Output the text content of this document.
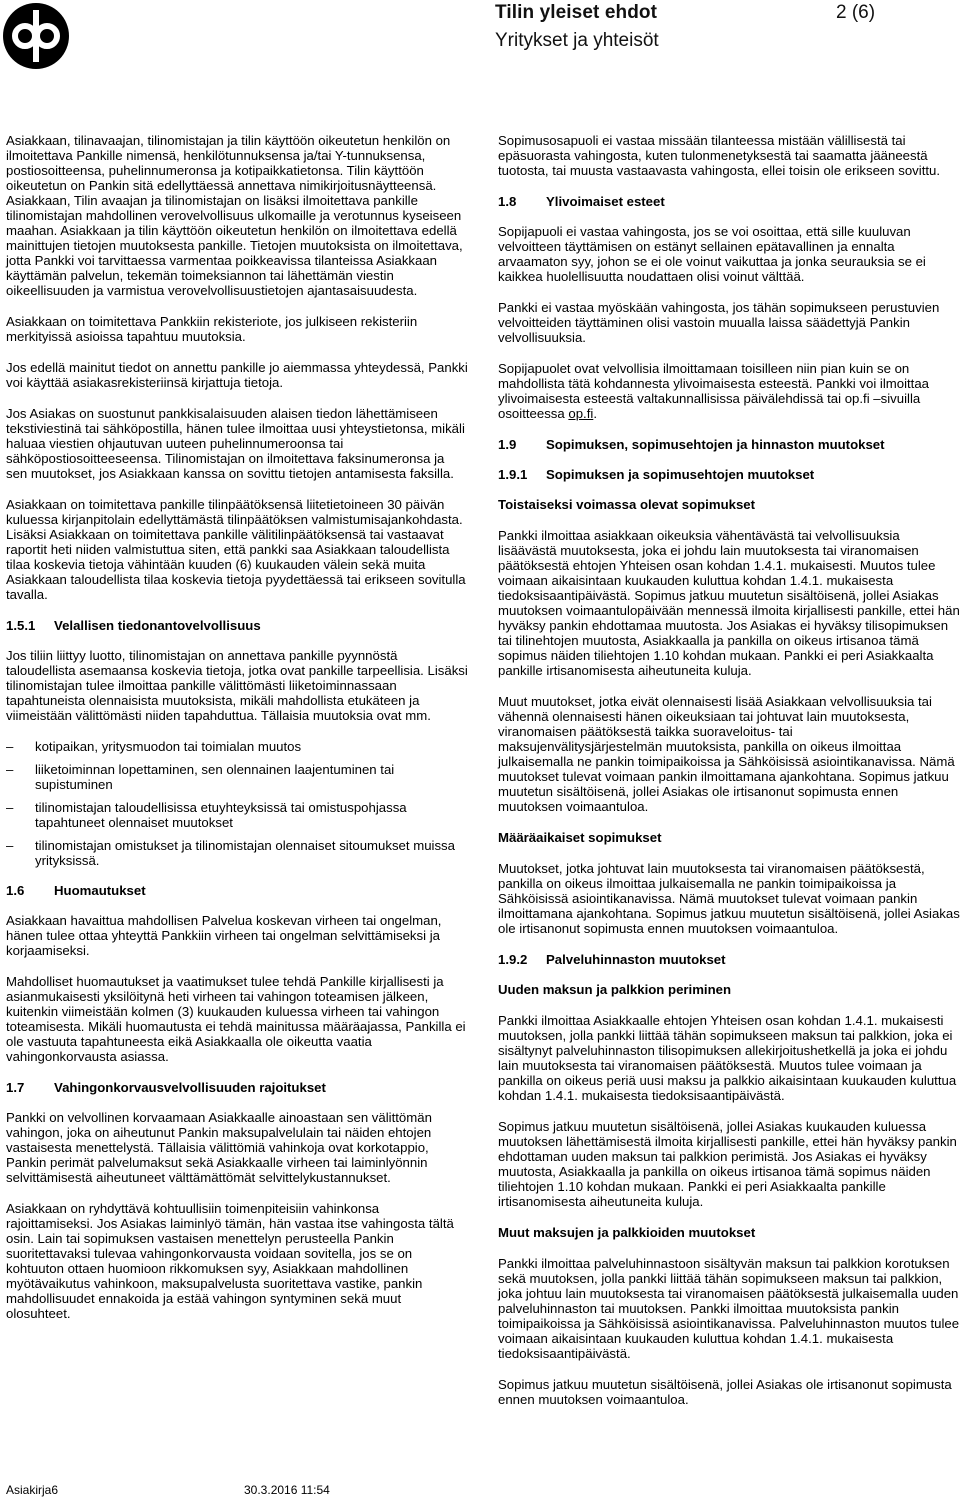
Tilin yleiset ehdot	2 (6)
Yritykset ja yhteisöt

Asiakkaan, tilinavaajan, tilinomistajan ja tilin käyttöön oikeutetun henkilön on ilmoitettava Pankille nimensä, henkilötunnuksensa ja/tai Y-tunnuksensa, postiosoitteensa, puhelinnumeronsa ja kotipaikkatietonsa. Tilin käyttöön oikeutetun on Pankin sitä edellyttäessä annettava nimikirjoitusnäytteensä. Asiakkaan, Tilin avaajan ja tilinomistajan on lisäksi ilmoitettava pankille tilinomistajan mahdollinen verovelvollisuus ulkomaille ja verotunnus kyseiseen maahan. Asiakkaan ja tilin käyttöön oikeutetun henkilön on ilmoitettava edellä mainittujen tietojen muutoksesta pankille. Tietojen muutoksista on ilmoitettava, jotta Pankki voi tarvittaessa varmentaa poikkeavissa tilanteissa Asiakkaan käyttämän palvelun, tekemän toimeksiannon tai lähettämän viestin oikeellisuuden ja varmistua verovelvollisuustietojen ajantasaisuudesta.

Asiakkaan on toimitettava Pankkiin rekisteriote, jos julkiseen rekisteriin merkityissä asioissa tapahtuu muutoksia.

Jos edellä mainitut tiedot on annettu pankille jo aiemmassa yhteydessä, Pankki voi käyttää asiakasrekisteriinsä kirjattuja tietoja.

Jos Asiakas on suostunut pankkisalaisuuden alaisen tiedon lähettämiseen tekstiviestinä tai sähköpostilla, hänen tulee ilmoittaa uusi yhteystietonsa, mikäli haluaa viestien ohjautuvan uuteen puhelinnumeroonsa tai sähköpostiosoitteeseensa. Tilinomistajan on ilmoitettava faksinumeronsa ja sen muutokset, jos Asiakkaan kanssa on sovittu tietojen antamisesta faksilla.

Asiakkaan on toimitettava pankille tilinpäätöksensä liitetietoineen 30 päivän kuluessa kirjanpitolain edellyttämästä tilinpäätöksen valmistumisajankohdasta. Lisäksi Asiakkaan on toimitettava pankille välitilinpäätöksensä tai vastaavat raportit heti niiden valmistuttua siten, että pankki saa Asiakkaan taloudellista tilaa koskevia tietoja vähintään kuuden (6) kuukauden välein sekä muita Asiakkaan taloudellista tilaa koskevia tietoja pyydettäessä tai erikseen sovitulla tavalla.

1.5.1 Velallisen tiedonantovelvollisuus

Jos tiliin liittyy luotto, tilinomistajan on annettava pankille pyynnöstä taloudellista asemaansa koskevia tietoja, jotka ovat pankille tarpeellisia. Lisäksi tilinomistajan tulee ilmoittaa pankille välittömästi liiketoiminnassaan tapahtuneista olennaisista muutoksista, mikäli mahdollista etukäteen ja viimeistään välittömästi niiden tapahduttua. Tällaisia muutoksia ovat mm.

– kotipaikan, yritysmuodon tai toimialan muutos
– liiketoiminnan lopettaminen, sen olennainen laajentuminen tai supistuminen
– tilinomistajan taloudellisissa etuyhteyksissä tai omistuspohjassa tapahtuneet olennaiset muutokset
– tilinomistajan omistukset ja tilinomistajan olennaiset sitoumukset muissa yrityksissä.
1.6 Huomautukset

Asiakkaan havaittua mahdollisen Palvelua koskevan virheen tai ongelman, hänen tulee ottaa yhteyttä Pankkiin virheen tai ongelman selvittämiseksi ja korjaamiseksi.

Mahdolliset huomautukset ja vaatimukset tulee tehdä Pankille kirjallisesti ja asianmukaisesti yksilöitynä heti virheen tai vahingon toteamisen jälkeen, kuitenkin viimeistään kolmen (3) kuukauden kuluessa virheen tai vahingon toteamisesta. Mikäli huomautusta ei tehdä mainitussa määräajassa, Pankilla ei ole vastuuta tapahtuneesta eikä Asiakkaalla ole oikeutta vaatia vahingonkorvausta asiassa.

1.7 Vahingonkorvausvelvollisuuden rajoitukset

Pankki on velvollinen korvaamaan Asiakkaalle ainoastaan sen välittömän vahingon, joka on aiheutunut Pankin maksupalvelulain tai näiden ehtojen vastaisesta menettelystä. Tällaisia välittömiä vahinkoja ovat korkotappio, Pankin perimät palvelumaksut sekä Asiakkaalle virheen tai laiminlyönnin selvittämisestä aiheutuneet välttämättömät selvittelykustannukset.

Asiakkaan on ryhdyttävä kohtuullisiin toimenpiteisiin vahinkonsa rajoittamiseksi. Jos Asiakas laiminlyö tämän, hän vastaa itse vahingosta tältä osin. Lain tai sopimuksen vastaisen menettelyn perusteella Pankin suoritettavaksi tulevaa vahingonkorvausta voidaan sovitella, jos se on kohtuuton ottaen huomioon rikkomuksen syy, Asiakkaan mahdollinen myötävaikutus vahinkoon, maksupalvelusta suoritettava vastike, pankin mahdollisuudet ennakoida ja estää vahingon syntyminen sekä muut olosuhteet.

Sopimusosapuoli ei vastaa missään tilanteessa mistään välillisestä tai epäsuorasta vahingosta, kuten tulonmenetyksestä tai saamatta jääneestä tuotosta, tai muusta vastaavasta vahingosta, ellei toisin ole erikseen sovittu.

1.8 Ylivoimaiset esteet

Sopijapuoli ei vastaa vahingosta, jos se voi osoittaa, että sille kuuluvan velvoitteen täyttämisen on estänyt sellainen epätavallinen ja ennalta arvaamaton syy, johon se ei ole voinut vaikuttaa ja jonka seurauksia se ei kaikkea huolellisuutta noudattaen olisi voinut välttää.

Pankki ei vastaa myöskään vahingosta, jos tähän sopimukseen perustuvien velvoitteiden täyttäminen olisi vastoin muualla laissa säädettyjä Pankin velvollisuuksia.

Sopijapuolet ovat velvollisia ilmoittamaan toisilleen niin pian kuin se on mahdollista tätä kohdannesta ylivoimaisesta esteestä. Pankki voi ilmoittaa ylivoimaisesta esteestä valtakunnallisissa päivälehdissä tai op.fi –sivuilla osoitteessa op.fi.

1.9 Sopimuksen, sopimusehtojen ja hinnaston muutokset
1.9.1 Sopimuksen ja sopimusehtojen muutokset
Toistaiseksi voimassa olevat sopimukset

Pankki ilmoittaa asiakkaan oikeuksia vähentävästä tai velvollisuuksia lisäävästä muutoksesta, joka ei johdu lain muutoksesta tai viranomaisen päätöksestä ehtojen Yhteisen osan kohdan 1.4.1. mukaisesti. Muutos tulee voimaan aikaisintaan kuukauden kuluttua kohdan 1.4.1. mukaisesta tiedoksisaantipäivästä. Sopimus jatkuu muutetun sisältöisenä, jollei Asiakas muutoksen voimaantulopäivään mennessä ilmoita kirjallisesti pankille, ettei hän hyväksy pankin ehdottamaa muutosta. Jos Asiakas ei hyväksy tilisopimuksen tai tilinehtojen muutosta, Asiakkaalla ja pankilla on oikeus irtisanoa tämä sopimus näiden tiliehtojen 1.10 kohdan mukaan. Pankki ei peri Asiakkaalta pankille irtisanomisesta aiheutuneita kuluja.

Muut muutokset, jotka eivät olennaisesti lisää Asiakkaan velvollisuuksia tai vähennä olennaisesti hänen oikeuksiaan tai johtuvat lain muutoksesta, viranomaisen päätöksestä taikka suoraveloitus- tai maksujenvälitysjärjestelmän muutoksista, pankilla on oikeus ilmoittaa julkaisemalla ne pankin toimipaikoissa ja Sähköisissä asiointikanavissa. Nämä muutokset tulevat voimaan pankin ilmoittamana ajankohtana. Sopimus jatkuu muutetun sisältöisenä, jollei Asiakas ole irtisanonut sopimusta ennen muutoksen voimaantuloa.

Määräaikaiset sopimukset

Muutokset, jotka johtuvat lain muutoksesta tai viranomaisen päätöksestä, pankilla on oikeus ilmoittaa julkaisemalla ne pankin toimipaikoissa ja Sähköisissä asiointikanavissa. Nämä muutokset tulevat voimaan pankin ilmoittamana ajankohtana. Sopimus jatkuu muutetun sisältöisenä, jollei Asiakas ole irtisanonut sopimusta ennen muutoksen voimaantuloa.

1.9.2 Palveluhinnaston muutokset
Uuden maksun ja palkkion periminen

Pankki ilmoittaa Asiakkaalle ehtojen Yhteisen osan kohdan 1.4.1. mukaisesti muutoksen, jolla pankki liittää tähän sopimukseen maksun tai palkkion, joka ei sisältynyt palveluhinnaston tilisopimuksen allekirjoitushetkellä ja joka ei johdu lain muutoksesta tai viranomaisen päätöksestä. Muutos tulee voimaan ja pankilla on oikeus periä uusi maksu ja palkkio aikaisintaan kuukauden kuluttua kohdan 1.4.1. mukaisesta tiedoksisaantipäivästä.

Sopimus jatkuu muutetun sisältöisenä, jollei Asiakas kuukauden kuluessa muutoksen lähettämisestä ilmoita kirjallisesti pankille, ettei hän hyväksy pankin ehdottaman uuden maksun tai palkkion perimistä. Jos Asiakas ei hyväksy muutosta, Asiakkaalla ja pankilla on oikeus irtisanoa tämä sopimus näiden tiliehtojen 1.10 kohdan mukaan. Pankki ei peri Asiakkaalta pankille irtisanomisesta aiheutuneita kuluja.

Muut maksujen ja palkkioiden muutokset

Pankki ilmoittaa palveluhinnastoon sisältyvän maksun tai palkkion korotuksen sekä muutoksen, jolla pankki liittää tähän sopimukseen maksun tai palkkion, joka johtuu lain muutoksesta tai viranomaisen päätöksestä julkaisemalla uuden palveluhinnaston tai muutoksen. Pankki ilmoittaa muutoksista pankin toimipaikoissa ja Sähköisissä asiointikanavissa. Palveluhinnaston muutos tulee voimaan aikaisintaan kuukauden kuluttua kohdan 1.4.1. mukaisesta tiedoksisaantipäivästä.

Sopimus jatkuu muutetun sisältöisenä, jollei Asiakas ole irtisanonut sopimusta ennen muutoksen voimaantuloa.

Asiakirja6	30.3.2016 11:54
